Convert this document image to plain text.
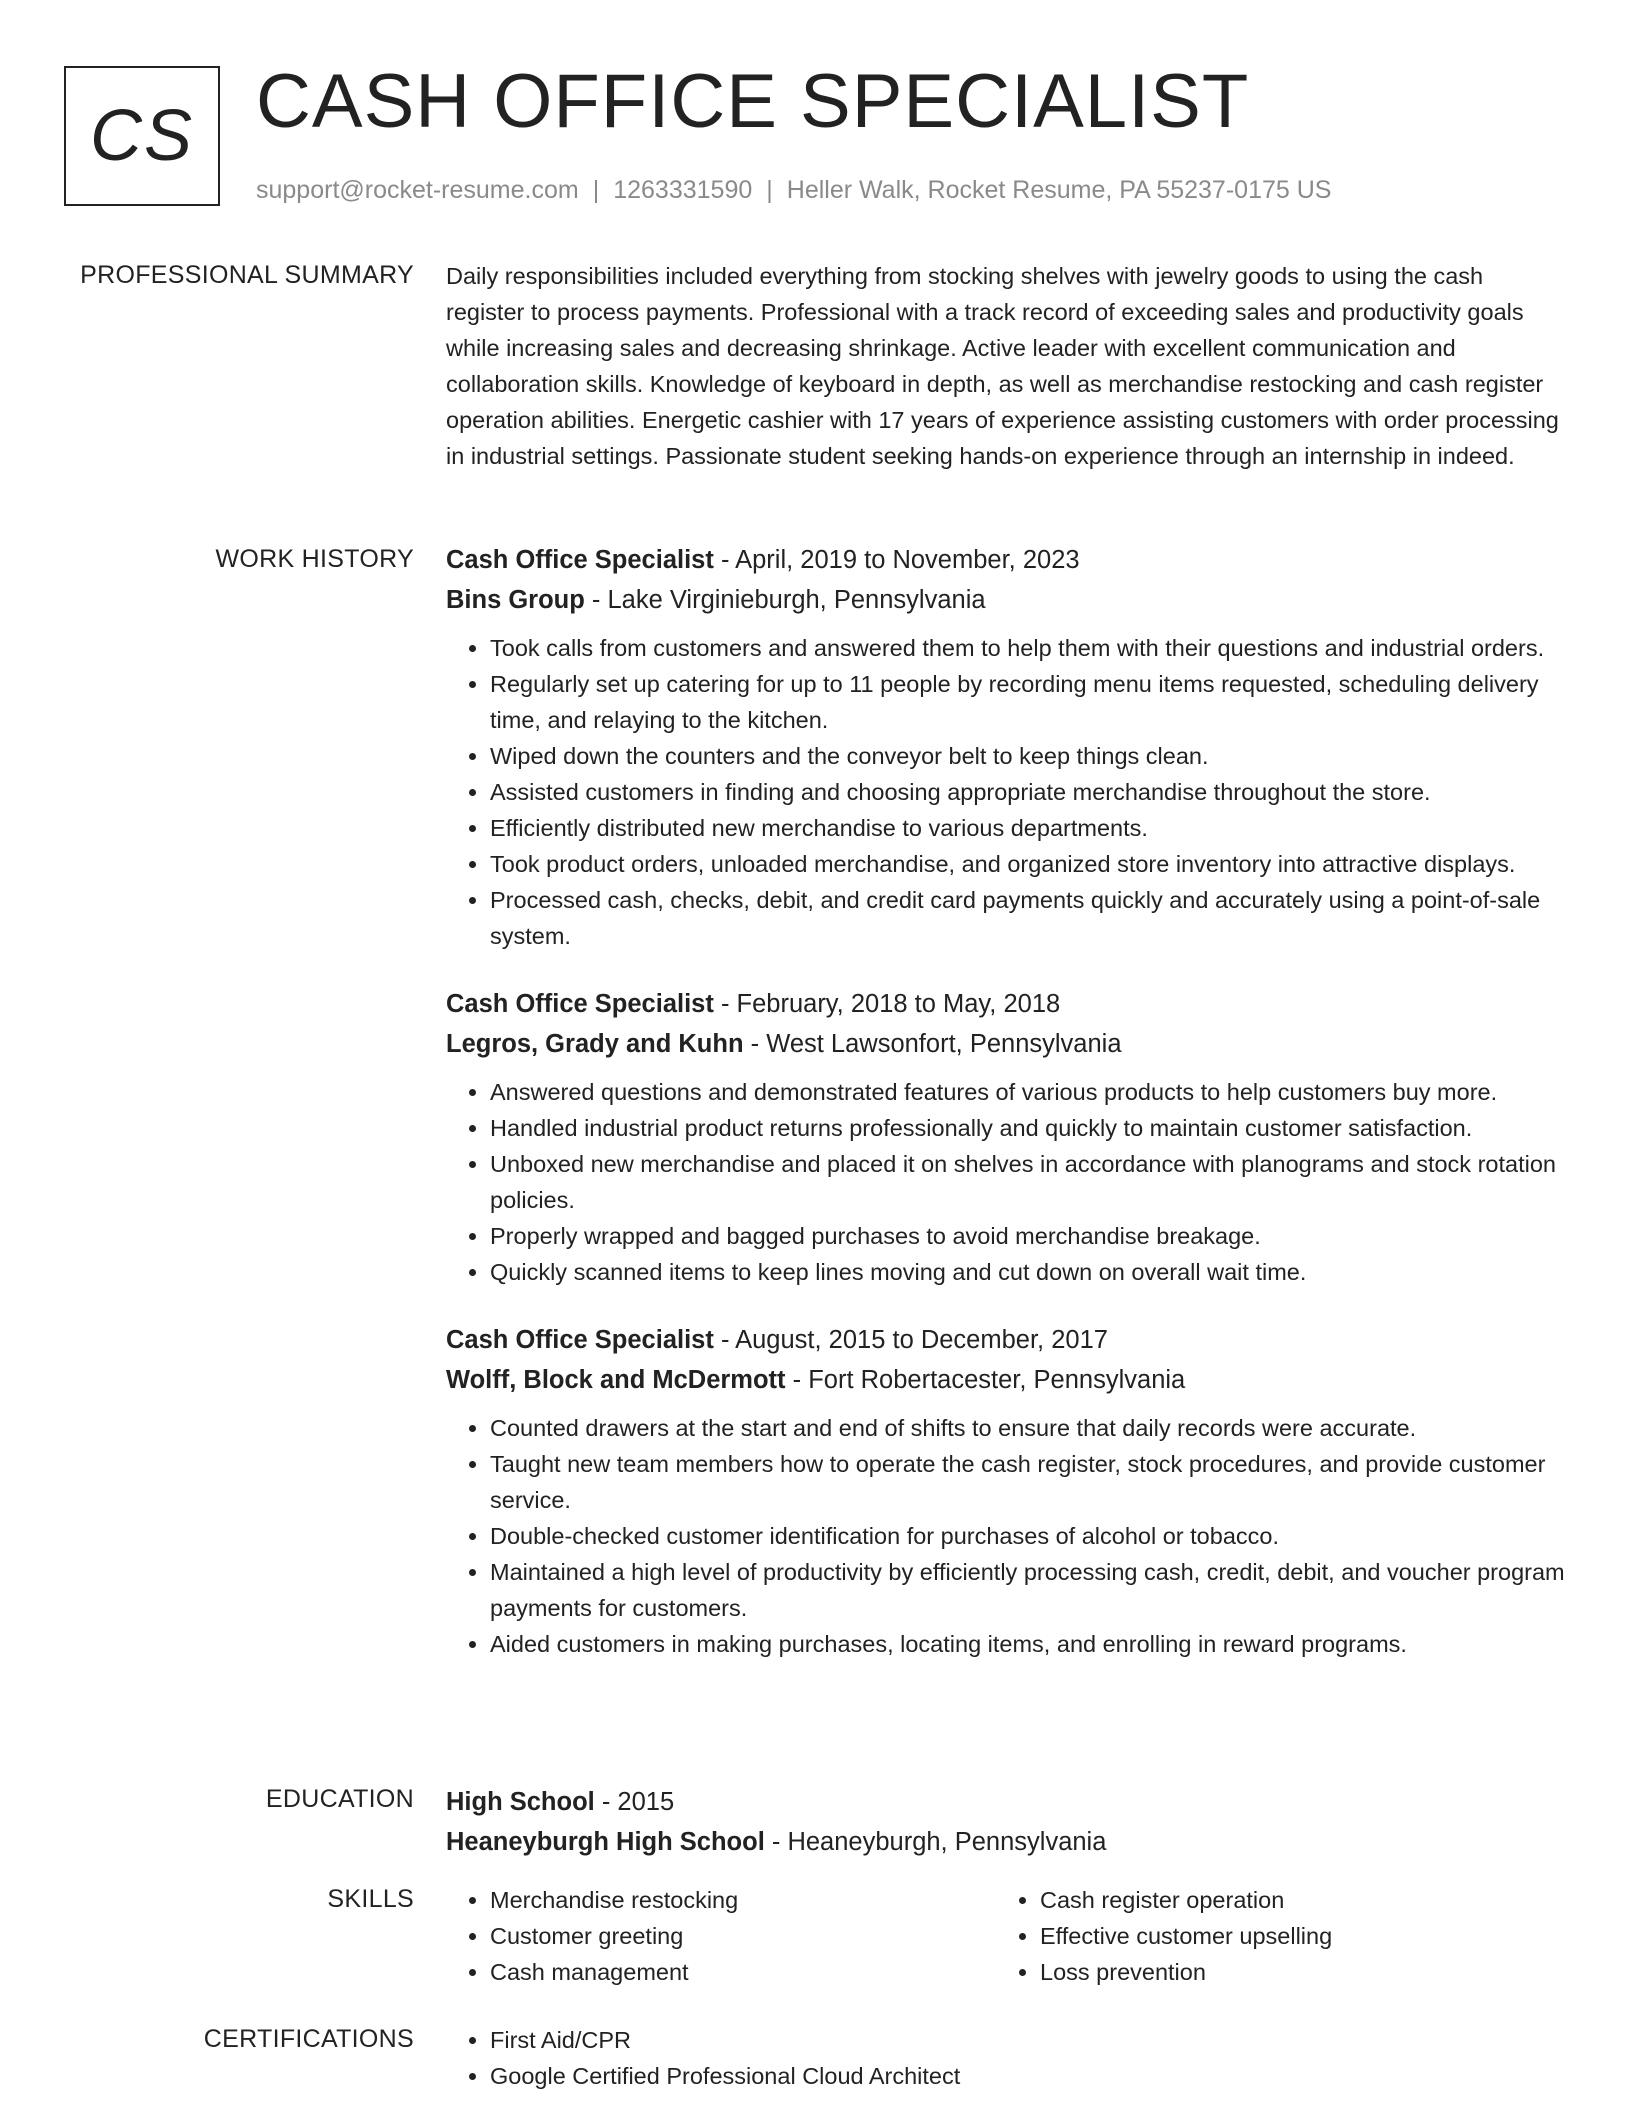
CS CASH OFFICE SPECIALIST
support@rocket-resume.com | 1263331590 | Heller Walk, Rocket Resume, PA 55237-0175 US
PROFESSIONAL SUMMARY Daily responsibilities included everything from stocking shelves with jewelry goods to using the cash register to process payments. Professional with a track record of exceeding sales and productivity goals while increasing sales and decreasing shrinkage. Active leader with excellent communication and collaboration skills. Knowledge of keyboard in depth, as well as merchandise restocking and cash register operation abilities. Energetic cashier with 17 years of experience assisting customers with order processing in industrial settings. Passionate student seeking hands-on experience through an internship in indeed.
WORK HISTORY Cash Office Specialist - April, 2019 to November, 2023
Bins Group - Lake Virginieburgh, Pennsylvania
• Took calls from customers and answered them to help them with their questions and industrial orders.
• Regularly set up catering for up to 11 people by recording menu items requested, scheduling delivery time, and relaying to the kitchen.
• Wiped down the counters and the conveyor belt to keep things clean.
• Assisted customers in finding and choosing appropriate merchandise throughout the store.
• Efficiently distributed new merchandise to various departments.
• Took product orders, unloaded merchandise, and organized store inventory into attractive displays.
• Processed cash, checks, debit, and credit card payments quickly and accurately using a point-of-sale system.
Cash Office Specialist - February, 2018 to May, 2018
Legros, Grady and Kuhn - West Lawsonfort, Pennsylvania
• Answered questions and demonstrated features of various products to help customers buy more.
• Handled industrial product returns professionally and quickly to maintain customer satisfaction.
• Unboxed new merchandise and placed it on shelves in accordance with planograms and stock rotation policies.
• Properly wrapped and bagged purchases to avoid merchandise breakage.
• Quickly scanned items to keep lines moving and cut down on overall wait time.
Cash Office Specialist - August, 2015 to December, 2017
Wolff, Block and McDermott - Fort Robertacester, Pennsylvania
• Counted drawers at the start and end of shifts to ensure that daily records were accurate.
• Taught new team members how to operate the cash register, stock procedures, and provide customer service.
• Double-checked customer identification for purchases of alcohol or tobacco.
• Maintained a high level of productivity by efficiently processing cash, credit, debit, and voucher program payments for customers.
• Aided customers in making purchases, locating items, and enrolling in reward programs.
EDUCATION High School - 2015
Heaneyburgh High School - Heaneyburgh, Pennsylvania
SKILLS	• Merchandise restocking
• Customer greeting
• Cash management
• Cash register operation
• Effective customer upselling
• Loss prevention
CERTIFICATIONS	• First Aid/CPR
• Google Certified Professional Cloud Architect
